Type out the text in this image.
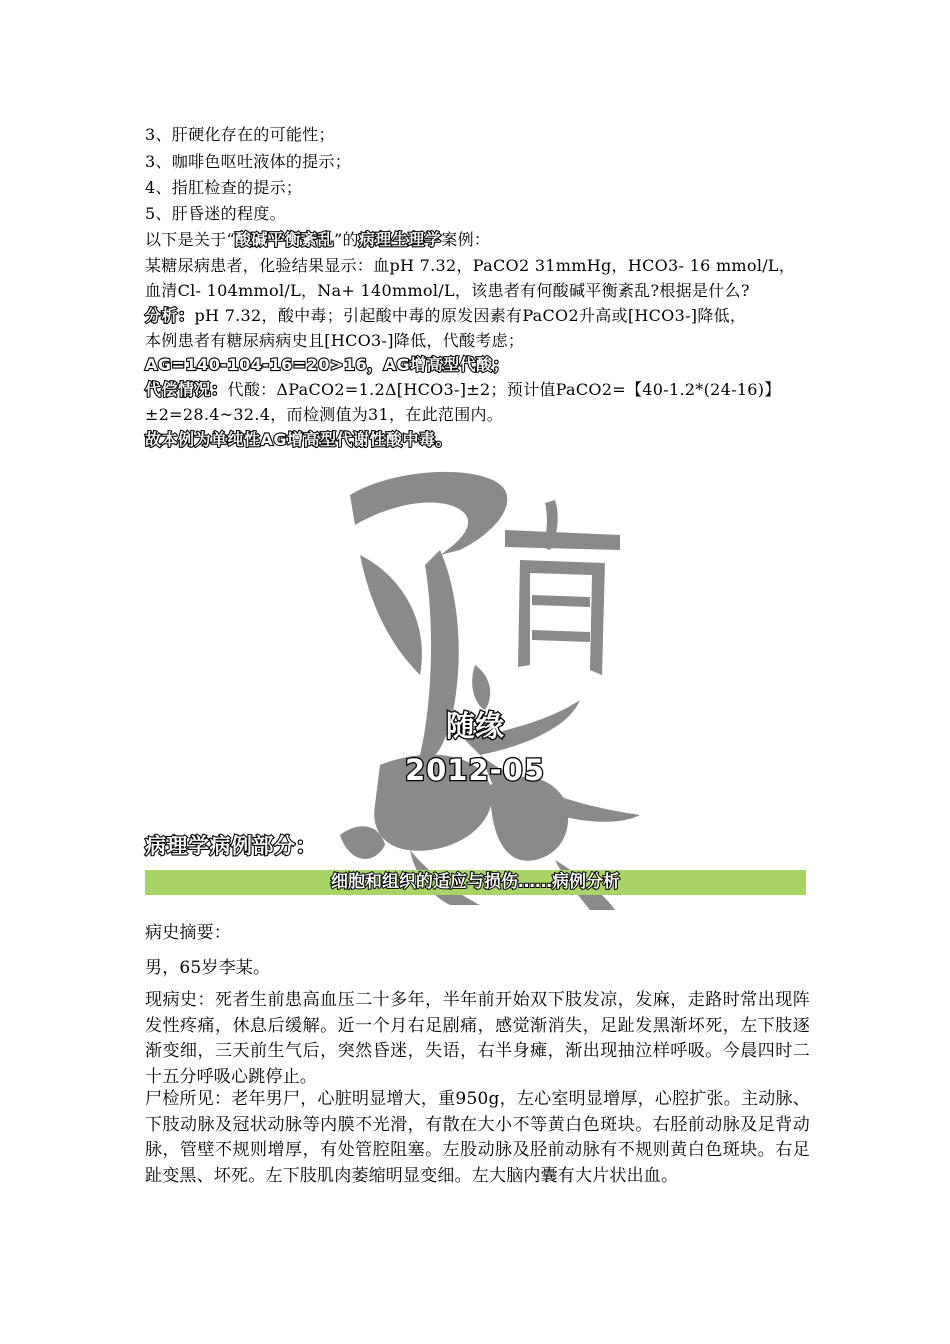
3、肝硬化存在的可能性；
3、咖啡色呕吐液体的提示；
4、指肛检查的提示；
5、肝昏迷的程度。
以下是关于“酸碱平衡紊乱”的病理生理学案例：
某糖尿病患者，化验结果显示：血pH 7.32，PaCO2 31mmHg，HCO3- 16 mmol/L，
血清Cl- 104mmol/L，Na+ 140mmol/L，该患者有何酸碱平衡紊乱?根据是什么?
分析：pH 7.32，酸中毒；引起酸中毒的原发因素有PaCO2升高或[HCO3-]降低，
本例患者有糖尿病病史且[HCO3-]降低，代酸考虑；
AG=140-104-16=20>16，AG增高型代酸；
代偿情况：代酸：ΔPaCO2=1.2Δ[HCO3-]±2；预计值PaCO2=【40-1.2*(24-16)】
±2=28.4~32.4，而检测值为31，在此范围内。
故本例为单纯性AG增高型代谢性酸中毒。
随缘
2012-05
病理学病例部分：
细胞和组织的适应与损伤……病例分析
病史摘要：
男，65岁李某。
现病史：死者生前患高血压二十多年，半年前开始双下肢发凉，发麻，走路时常出现阵发性疼痛，休息后缓解。近一个月右足剧痛，感觉渐消失，足趾发黑渐坏死，左下肢逐渐变细，三天前生气后，突然昏迷，失语，右半身瘫，渐出现抽泣样呼吸。今晨四时二十五分呼吸心跳停止。
尸检所见：老年男尸，心脏明显增大，重950g，左心室明显增厚，心腔扩张。主动脉、下肢动脉及冠状动脉等内膜不光滑，有散在大小不等黄白色斑块。右胫前动脉及足背动脉，管壁不规则增厚，有处管腔阻塞。左股动脉及胫前动脉有不规则黄白色斑块。右足趾变黑、坏死。左下肢肌肉萎缩明显变细。左大脑内囊有大片状出血。
